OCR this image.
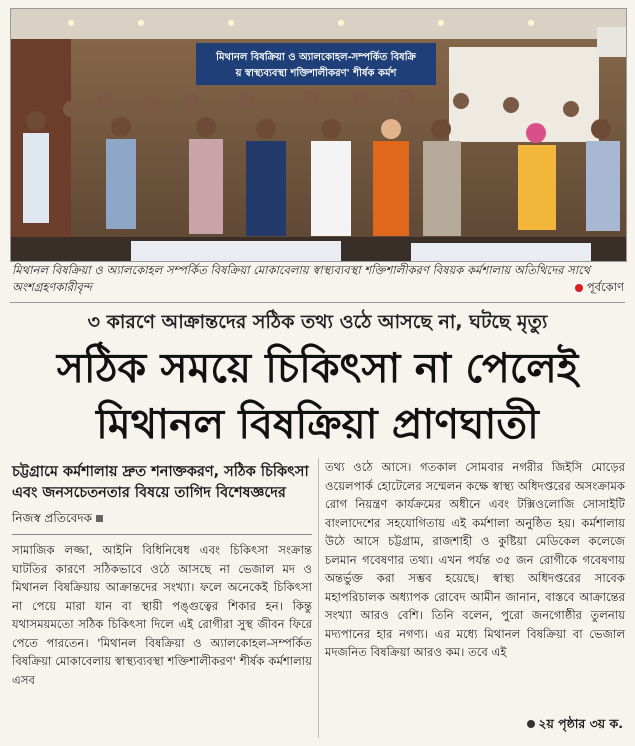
মিথানল বিষক্রিয়া ও অ্যালকোহল-সম্পর্কিত বিষক্রি
য় স্বাস্থ্যব্যবস্থা শক্তিশালীকরণ' শীর্ষক কর্মশ
মিথানল বিষক্রিয়া ও অ্যালকোহল সম্পর্কিত বিষক্রিয়া মোকাবেলায় স্বাস্থ্যব্যবস্থা শক্তিশালীকরণ বিষয়ক কর্মশালায় অতিথিদের সাথে অংশগ্রহণকারীবৃন্দ	পূর্বকোণ
৩ কারণে আক্রান্তদের সঠিক তথ্য ওঠে আসছে না, ঘটছে মৃত্যু
সঠিক সময়ে চিকিৎসা না পেলেই
মিথানল বিষক্রিয়া প্রাণঘাতী

চট্টগ্রামে কর্মশালায় দ্রুত শনাক্তকরণ, সঠিক চিকিৎসা এবং জনসচেতনতার বিষয়ে তাগিদ বিশেষজ্ঞদের

নিজস্ব প্রতিবেদক

সামাজিক লজ্জা, আইনি বিধিনিষেধ এবং চিকিৎসা সংক্রান্ত ঘাটতির কারণে সঠিকভাবে ওঠে আসছে না ভেজাল মদ ও মিথানল বিষক্রিয়ায় আক্রান্তদের সংখ্যা। ফলে অনেকেই চিকিৎসা না পেয়ে মারা যান বা স্থায়ী পঙ্গুত্বের শিকার হন। কিন্তু যথাসময়মতো সঠিক চিকিৎসা দিলে এই রোগীরা সুস্থ জীবন ফিরে পেতে পারতেন। 'মিথানল বিষক্রিয়া ও অ্যালকোহল-সম্পর্কিত বিষক্রিয়া মোকাবেলায় স্বাস্থ্যব্যবস্থা শক্তিশালীকরণ' শীর্ষক কর্মশালায় এসব

তথ্য ওঠে আসে। গতকাল সোমবার নগরীর জিইসি মোড়ের ওয়েলপার্ক হোটেলের সম্মেলন কক্ষে স্বাস্থ্য অধিদপ্তরের অসংক্রামক রোগ নিয়ন্ত্রণ কার্যক্রমের অধীনে এবং টক্সিওলোজি সোসাইটি বাংলাদেশের সহযোগিতায় এই কর্মশালা অনুষ্ঠিত হয়। কর্মশালায় উঠে আসে চট্টগ্রাম, রাজশাহী ও কুষ্টিয়া মেডিকেল কলেজে চলমান গবেষণার তথ্য। এখন পর্যন্ত ৩৫ জন রোগীকে গবেষণায় অন্তর্ভুক্ত করা সম্ভব হয়েছে। স্বাস্থ্য অধিদপ্তরের সাবেক মহাপরিচালক অধ্যাপক রোবেদ আমীন জানান, বাস্তবে আক্রান্তের সংখ্যা আরও বেশি। তিনি বলেন, পুরো জনগোষ্ঠীর তুলনায় মদ্যপানের হার নগণ্য। এর মধ্যে মিথানল বিষক্রিয়া বা ভেজাল মদজনিত বিষক্রিয়া আরও কম। তবে এই

২য় পৃষ্ঠার ৩য় ক.
